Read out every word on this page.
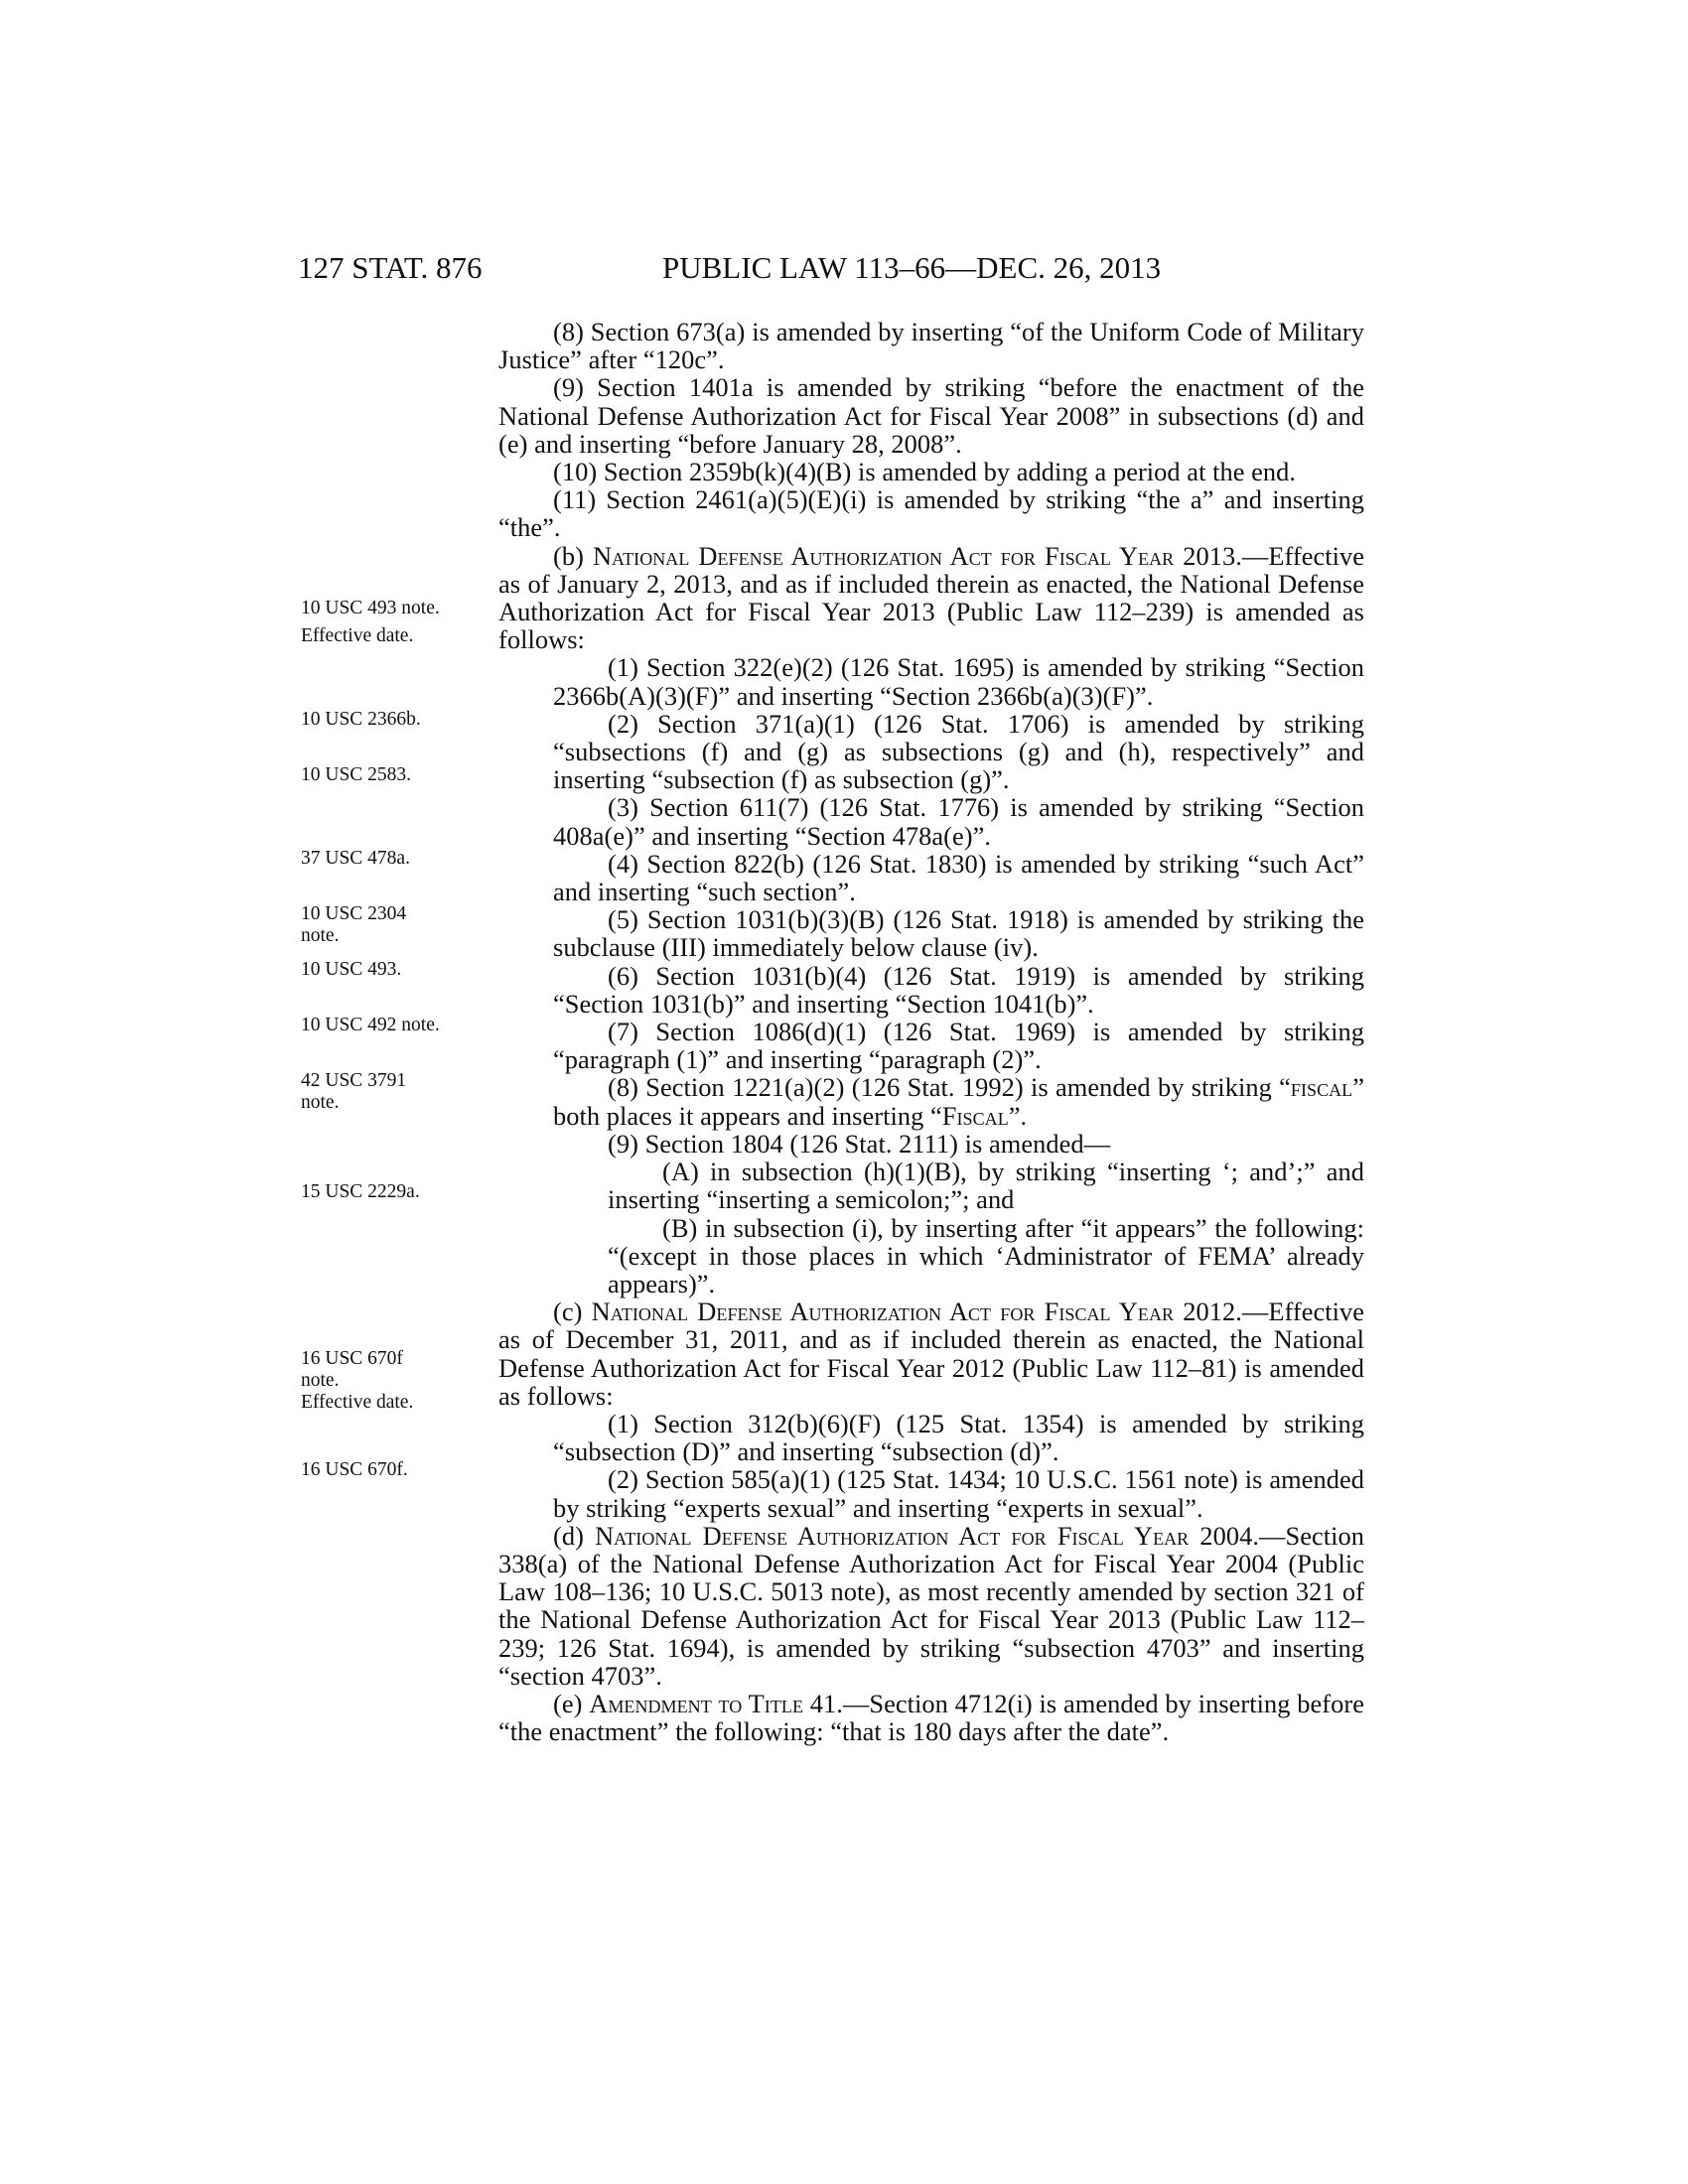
127 STAT. 876	PUBLIC LAW 113–66—DEC. 26, 2013
10 USC 493 note.
Effective date.
10 USC 2366b.
10 USC 2583.
37 USC 478a.
10 USC 2304
note.
10 USC 493.
10 USC 492 note.
42 USC 3791
note.
15 USC 2229a.
16 USC 670f
note.
Effective date.
16 USC 670f.

(8) Section 673(a) is amended by inserting “of the Uniform Code of Military Justice” after “120c”.

(9) Section 1401a is amended by striking “before the enactment of the National Defense Authorization Act for Fiscal Year 2008” in subsections (d) and (e) and inserting “before January 28, 2008”.

(10) Section 2359b(k)(4)(B) is amended by adding a period at the end.

(11) Section 2461(a)(5)(E)(i) is amended by striking “the a” and inserting “the”.

(b) National Defense Authorization Act for Fiscal Year 2013.—Effective as of January 2, 2013, and as if included therein as enacted, the National Defense Authorization Act for Fiscal Year 2013 (Public Law 112–239) is amended as follows:

(1) Section 322(e)(2) (126 Stat. 1695) is amended by striking “Section 2366b(A)(3)(F)” and inserting “Section 2366b(a)(3)(F)”.

(2) Section 371(a)(1) (126 Stat. 1706) is amended by striking “subsections (f) and (g) as subsections (g) and (h), respectively” and inserting “subsection (f) as subsection (g)”.

(3) Section 611(7) (126 Stat. 1776) is amended by striking “Section 408a(e)” and inserting “Section 478a(e)”.

(4) Section 822(b) (126 Stat. 1830) is amended by striking “such Act” and inserting “such section”.

(5) Section 1031(b)(3)(B) (126 Stat. 1918) is amended by striking the subclause (III) immediately below clause (iv).

(6) Section 1031(b)(4) (126 Stat. 1919) is amended by striking “Section 1031(b)” and inserting “Section 1041(b)”.

(7) Section 1086(d)(1) (126 Stat. 1969) is amended by striking “paragraph (1)” and inserting “paragraph (2)”.

(8) Section 1221(a)(2) (126 Stat. 1992) is amended by striking “fiscal” both places it appears and inserting “Fiscal”.

(9) Section 1804 (126 Stat. 2111) is amended—

(A) in subsection (h)(1)(B), by striking “inserting ‘; and’;” and inserting “inserting a semicolon;”; and

(B) in subsection (i), by inserting after “it appears” the following: “(except in those places in which ‘Administrator of FEMA’ already appears)”.

(c) National Defense Authorization Act for Fiscal Year 2012.—Effective as of December 31, 2011, and as if included therein as enacted, the National Defense Authorization Act for Fiscal Year 2012 (Public Law 112–81) is amended as follows:

(1) Section 312(b)(6)(F) (125 Stat. 1354) is amended by striking “subsection (D)” and inserting “subsection (d)”.

(2) Section 585(a)(1) (125 Stat. 1434; 10 U.S.C. 1561 note) is amended by striking “experts sexual” and inserting “experts in sexual”.

(d) National Defense Authorization Act for Fiscal Year 2004.—Section 338(a) of the National Defense Authorization Act for Fiscal Year 2004 (Public Law 108–136; 10 U.S.C. 5013 note), as most recently amended by section 321 of the National Defense Authorization Act for Fiscal Year 2013 (Public Law 112–239; 126 Stat. 1694), is amended by striking “subsection 4703” and inserting “section 4703”.

(e) Amendment to Title 41.—Section 4712(i) is amended by inserting before “the enactment” the following: “that is 180 days after the date”.
